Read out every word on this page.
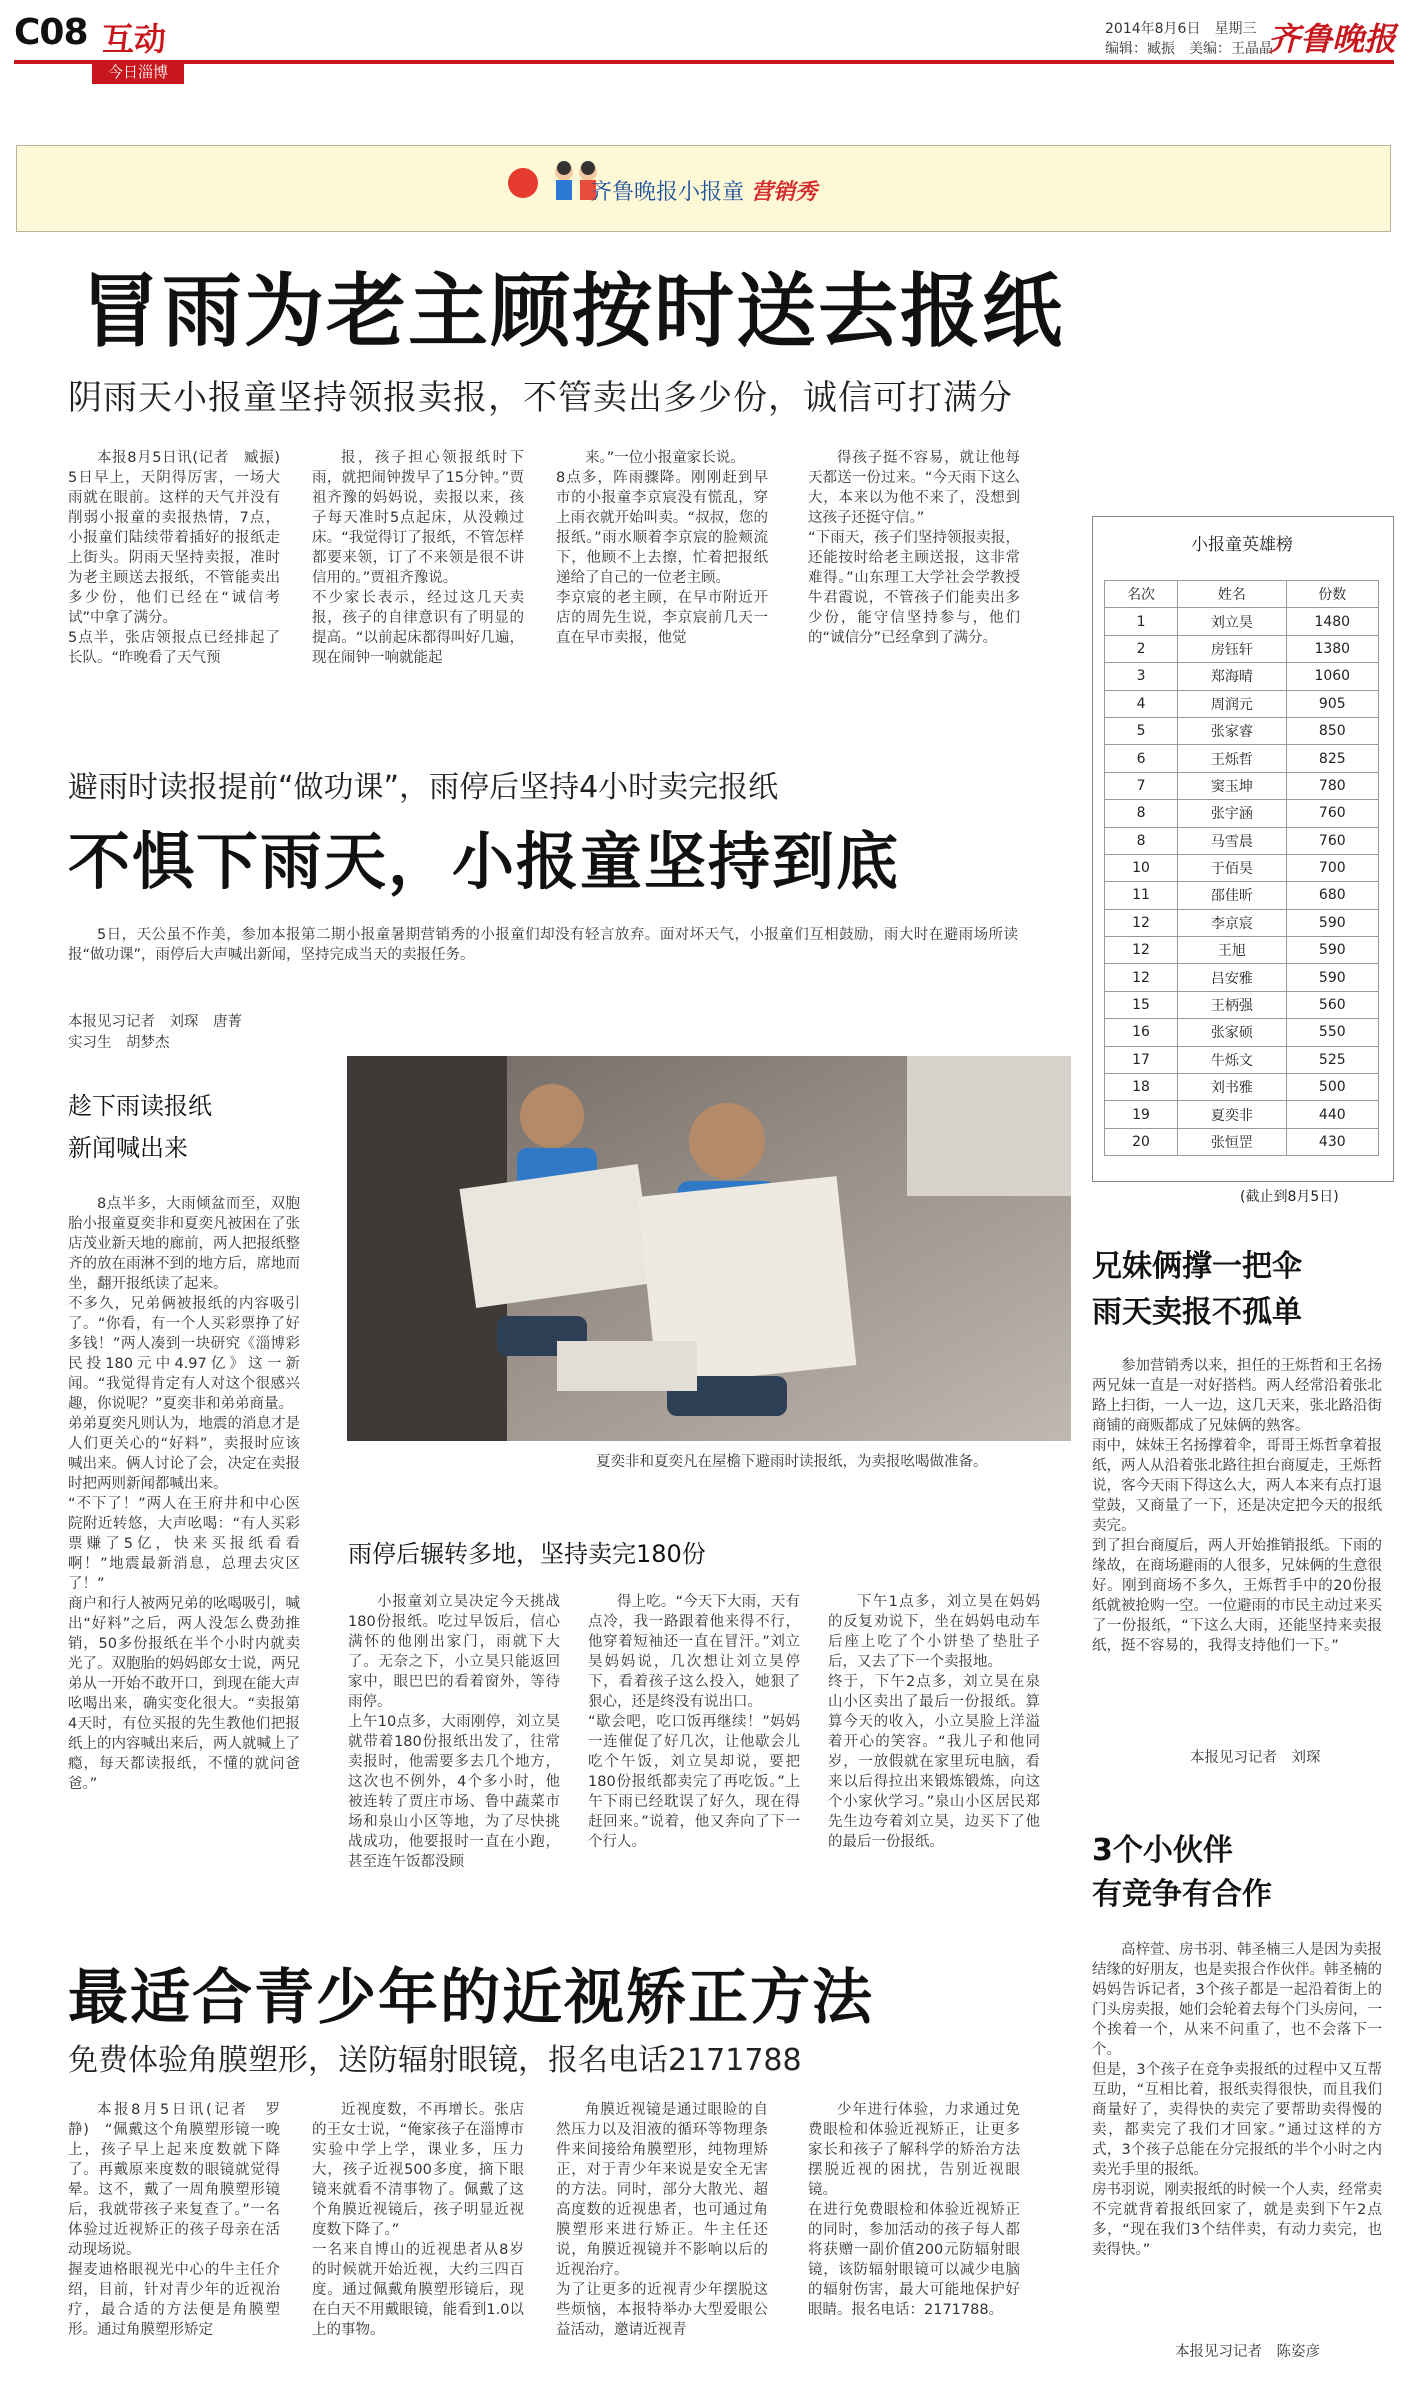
C08 互动
今日淄博
2014年8月6日　星期三
编辑：臧振　美编：王晶晶
齐鲁晚报
齐鲁晚报小报童 营销秀
冒雨为老主顾按时送去报纸
阴雨天小报童坚持领报卖报，不管卖出多少份，诚信可打满分

本报8月5日讯(记者　臧振)　5日早上，天阴得厉害，一场大雨就在眼前。这样的天气并没有削弱小报童的卖报热情，7点，小报童们陆续带着插好的报纸走上街头。阴雨天坚持卖报，准时为老主顾送去报纸，不管能卖出多少份，他们已经在“诚信考试”中拿了满分。
5点半，张店领报点已经排起了长队。“昨晚看了天气预

报，孩子担心领报纸时下雨，就把闹钟拨早了15分钟。”贾祖齐豫的妈妈说，卖报以来，孩子每天准时5点起床，从没赖过床。“我觉得订了报纸，不管怎样都要来领，订了不来领是很不讲信用的。”贾祖齐豫说。
不少家长表示，经过这几天卖报，孩子的自律意识有了明显的提高。“以前起床都得叫好几遍，现在闹钟一响就能起

来。”一位小报童家长说。
8点多，阵雨骤降。刚刚赶到早市的小报童李京宸没有慌乱，穿上雨衣就开始叫卖。“叔叔，您的报纸。”雨水顺着李京宸的脸颊流下，他顾不上去擦，忙着把报纸递给了自己的一位老主顾。
李京宸的老主顾，在早市附近开店的周先生说，李京宸前几天一直在早市卖报，他觉

得孩子挺不容易，就让他每天都送一份过来。“今天雨下这么大，本来以为他不来了，没想到这孩子还挺守信。”
“下雨天，孩子们坚持领报卖报，还能按时给老主顾送报，这非常难得。”山东理工大学社会学教授牛君霞说，不管孩子们能卖出多少份，能守信坚持参与，他们的“诚信分”已经拿到了满分。

小报童英雄榜
名次	姓名	份数
1	刘立昊	1480
2	房钰轩	1380
3	郑海晴	1060
4	周润元	905
5	张家睿	850
6	王烁哲	825
7	窦玉坤	780
8	张宇涵	760
8	马雪晨	760
10	于佰昊	700
11	邵佳昕	680
12	李京宸	590
12	王旭	590
12	吕安雅	590
15	王柄强	560
16	张家硕	550
17	牛烁文	525
18	刘书雅	500
19	夏奕非	440
20	张恒罡	430
(截止到8月5日)
避雨时读报提前“做功课”，雨停后坚持4小时卖完报纸
不惧下雨天，小报童坚持到底
5日，天公虽不作美，参加本报第二期小报童暑期营销秀的小报童们却没有轻言放弃。面对坏天气，小报童们互相鼓励，雨大时在避雨场所读报“做功课”，雨停后大声喊出新闻，坚持完成当天的卖报任务。
本报见习记者　刘琛　唐菁
实习生　胡梦杰
趁下雨读报纸
新闻喊出来

8点半多，大雨倾盆而至，双胞胎小报童夏奕非和夏奕凡被困在了张店茂业新天地的廊前，两人把报纸整齐的放在雨淋不到的地方后，席地而坐，翻开报纸读了起来。
不多久，兄弟俩被报纸的内容吸引了。“你看，有一个人买彩票挣了好多钱！”两人凑到一块研究《淄博彩民投180元中4.97亿》这一新闻。“我觉得肯定有人对这个很感兴趣，你说呢？”夏奕非和弟弟商量。
弟弟夏奕凡则认为，地震的消息才是人们更关心的“好料”，卖报时应该喊出来。俩人讨论了会，决定在卖报时把两则新闻都喊出来。
“不下了！”两人在王府井和中心医院附近转悠，大声吆喝：“有人买彩票赚了5亿，快来买报纸看看啊！”地震最新消息，总理去灾区了！”
商户和行人被两兄弟的吆喝吸引，喊出“好料”之后，两人没怎么费劲推销，50多份报纸在半个小时内就卖光了。双胞胎的妈妈郎女士说，两兄弟从一开始不敢开口，到现在能大声吆喝出来，确实变化很大。“卖报第4天时，有位买报的先生教他们把报纸上的内容喊出来后，两人就喊上了瘾，每天都读报纸，不懂的就问爸爸。”

夏奕非和夏奕凡在屋檐下避雨时读报纸，为卖报吆喝做准备。
雨停后辗转多地，坚持卖完180份

小报童刘立昊决定今天挑战180份报纸。吃过早饭后，信心满怀的他刚出家门，雨就下大了。无奈之下，小立昊只能返回家中，眼巴巴的看着窗外，等待雨停。
上午10点多，大雨刚停，刘立昊就带着180份报纸出发了，往常卖报时，他需要多去几个地方，这次也不例外，4个多小时，他被连转了贾庄市场、鲁中蔬菜市场和泉山小区等地，为了尽快挑战成功，他要报时一直在小跑，甚至连午饭都没顾

得上吃。“今天下大雨，天有点冷，我一路跟着他来得不行，他穿着短袖还一直在冒汗。”刘立昊妈妈说，几次想让刘立昊停下，看着孩子这么投入，她狠了狠心，还是终没有说出口。
“歇会吧，吃口饭再继续！”妈妈一连催促了好几次，让他歇会儿吃个午饭，刘立昊却说，要把180份报纸都卖完了再吃饭。”上午下雨已经耽误了好久，现在得赶回来。”说着，他又奔向了下一个行人。

下午1点多，刘立昊在妈妈的反复劝说下，坐在妈妈电动车后座上吃了个小饼垫了垫肚子后，又去了下一个卖报地。
终于，下午2点多，刘立昊在泉山小区卖出了最后一份报纸。算算今天的收入，小立昊脸上洋溢着开心的笑容。“我儿子和他同岁，一放假就在家里玩电脑，看来以后得拉出来锻炼锻炼，向这个小家伙学习。”泉山小区居民郑先生边夸着刘立昊，边买下了他的最后一份报纸。

兄妹俩撑一把伞
雨天卖报不孤单

参加营销秀以来，担任的王烁哲和王名扬两兄妹一直是一对好搭档。两人经常沿着张北路上扫街，一人一边，这几天来，张北路沿街商铺的商贩都成了兄妹俩的熟客。
雨中，妹妹王名扬撑着伞，哥哥王烁哲拿着报纸，两人从沿着张北路往担台商厦走，王烁哲说，客今天雨下得这么大，两人本来有点打退堂鼓，又商量了一下，还是决定把今天的报纸卖完。
到了担台商厦后，两人开始推销报纸。下雨的缘故，在商场避雨的人很多，兄妹俩的生意很好。刚到商场不多久，王烁哲手中的20份报纸就被抢购一空。一位避雨的市民主动过来买了一份报纸，“下这么大雨，还能坚持来卖报纸，挺不容易的，我得支持他们一下。”

本报见习记者　刘琛
3个小伙伴
有竞争有合作

高梓萱、房书羽、韩圣楠三人是因为卖报结缘的好朋友，也是卖报合作伙伴。韩圣楠的妈妈告诉记者，3个孩子都是一起沿着街上的门头房卖报，她们会轮着去每个门头房问，一个挨着一个，从来不问重了，也不会落下一个。
但是，3个孩子在竞争卖报纸的过程中又互帮互助，“互相比着，报纸卖得很快，而且我们商量好了，卖得快的卖完了要帮助卖得慢的卖，都卖完了我们才回家。”通过这样的方式，3个孩子总能在分完报纸的半个小时之内卖光手里的报纸。
房书羽说，刚卖报纸的时候一个人卖，经常卖不完就背着报纸回家了，就是卖到下午2点多，“现在我们3个结伴卖，有动力卖完，也卖得快。”

本报见习记者　陈姿彦
最适合青少年的近视矫正方法
免费体验角膜塑形，送防辐射眼镜，报名电话2171788

本报8月5日讯(记者　罗静)　“佩戴这个角膜塑形镜一晚上，孩子早上起来度数就下降了。再戴原来度数的眼镜就觉得晕。这不，戴了一周角膜塑形镜后，我就带孩子来复查了。”一名体验过近视矫正的孩子母亲在活动现场说。
握麦迪格眼视光中心的牛主任介绍，目前，针对青少年的近视治疗，最合适的方法便是角膜塑形。通过角膜塑形矫定

近视度数，不再增长。张店的王女士说，“俺家孩子在淄博市实验中学上学，课业多，压力大，孩子近视500多度，摘下眼镜来就看不清事物了。佩戴了这个角膜近视镜后，孩子明显近视度数下降了。”
一名来自博山的近视患者从8岁的时候就开始近视，大约三四百度。通过佩戴角膜塑形镜后，现在白天不用戴眼镜，能看到1.0以上的事物。

角膜近视镜是通过眼睑的自然压力以及泪液的循环等物理条件来间接给角膜塑形，纯物理矫正，对于青少年来说是安全无害的方法。同时，部分大散光、超高度数的近视患者，也可通过角膜塑形来进行矫正。牛主任还说，角膜近视镜并不影响以后的近视治疗。
为了让更多的近视青少年摆脱这些烦恼，本报特举办大型爱眼公益活动，邀请近视青

少年进行体验，力求通过免费眼检和体验近视矫正，让更多家长和孩子了解科学的矫治方法摆脱近视的困扰，告别近视眼镜。
在进行免费眼检和体验近视矫正的同时，参加活动的孩子每人都将获赠一副价值200元防辐射眼镜，该防辐射眼镜可以减少电脑的辐射伤害，最大可能地保护好眼睛。报名电话：2171788。
